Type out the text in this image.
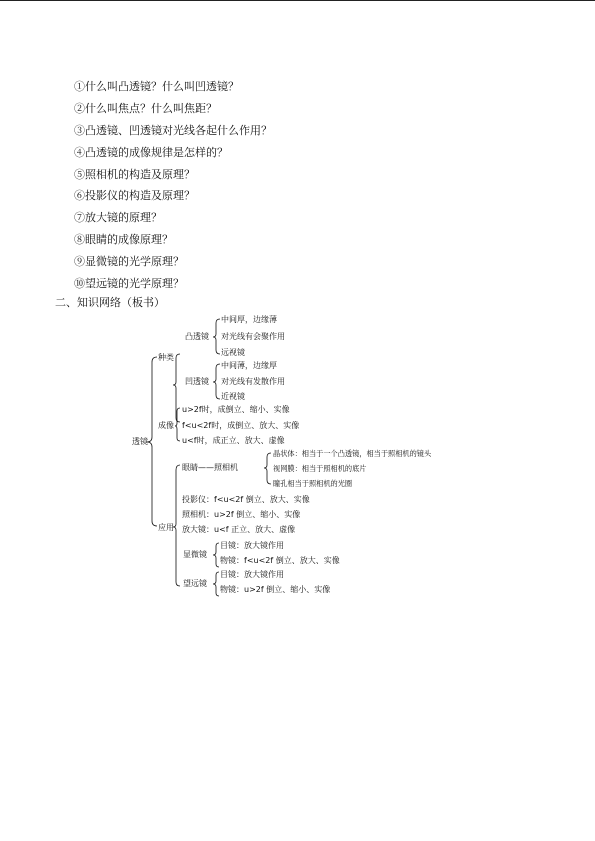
①什么叫凸透镜？什么叫凹透镜？
②什么叫焦点？什么叫焦距？
③凸透镜、凹透镜对光线各起什么作用？
④凸透镜的成像规律是怎样的？
⑤照相机的构造及原理？
⑥投影仪的构造及原理？
⑦放大镜的原理？
⑧眼睛的成像原理？
⑨显微镜的光学原理？
⑩望远镜的光学原理？
二、知识网络（板书）
透镜
种类
凸透镜
中间厚，边缘薄
对光线有会聚作用
远视镜
凹透镜
中间薄，边缘厚
对光线有发散作用
近视镜
成像
u>2f时，成倒立、缩小、实像
f<u<2f时，成倒立、放大、实像
u<f时，成正立、放大、虚像
应用
眼睛——照相机
晶状体：相当于一个凸透镜，相当于照相机的镜头
视网膜：相当于照相机的底片
瞳孔相当于照相机的光圈
投影仪：f<u<2f 倒立、放大、实像
照相机：u>2f 倒立、缩小、实像
放大镜：u<f 正立、放大、虚像
显微镜
目镜：放大镜作用
物镜：f<u<2f 倒立、放大、实像
望远镜
目镜：放大镜作用
物镜：u>2f 倒立、缩小、实像
